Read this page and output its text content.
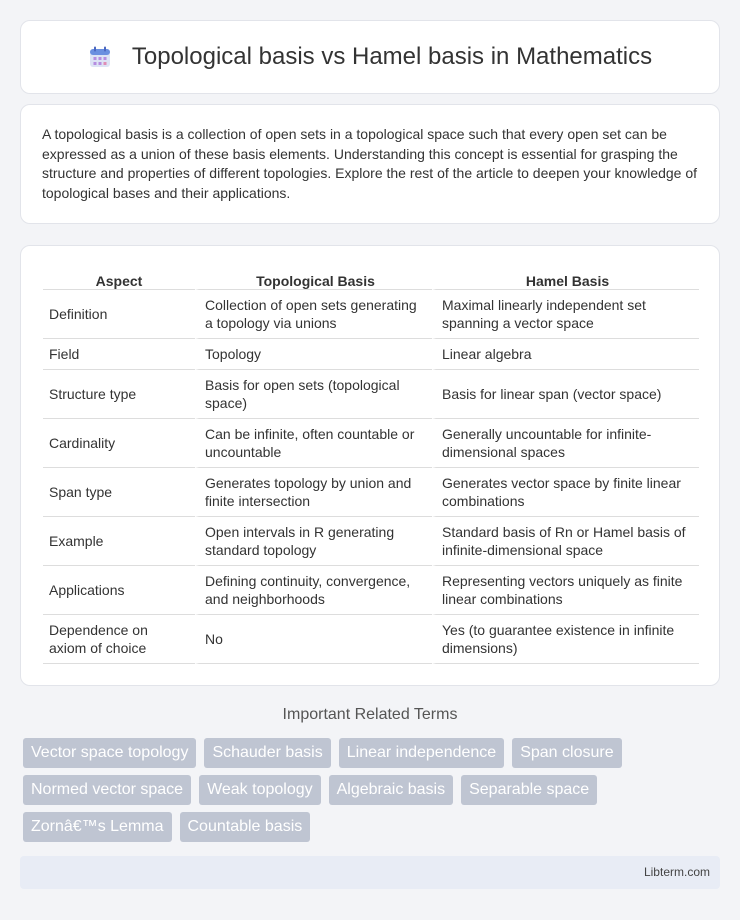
Topological basis vs Hamel basis in Mathematics

A topological basis is a collection of open sets in a topological space such that every open set can be expressed as a union of these basis elements. Understanding this concept is essential for grasping the structure and properties of different topologies. Explore the rest of the article to deepen your knowledge of topological bases and their applications.

Aspect	Topological Basis	Hamel Basis
Definition	Collection of open sets generating a topology via unions	Maximal linearly independent set spanning a vector space
Field	Topology	Linear algebra
Structure type	Basis for open sets (topological space)	Basis for linear span (vector space)
Cardinality	Can be infinite, often countable or uncountable	Generally uncountable for infinite-dimensional spaces
Span type	Generates topology by union and finite intersection	Generates vector space by finite linear combinations
Example	Open intervals in R generating standard topology	Standard basis of Rn or Hamel basis of infinite-dimensional space
Applications	Defining continuity, convergence, and neighborhoods	Representing vectors uniquely as finite linear combinations
Dependence on axiom of choice	No	Yes (to guarantee existence in infinite dimensions)
Important Related Terms
Vector space topology	Schauder basis	Linear independence	Span closure
Normed vector space	Weak topology	Algebraic basis	Separable space
Zornâ€™s Lemma	Countable basis
Libterm.com
